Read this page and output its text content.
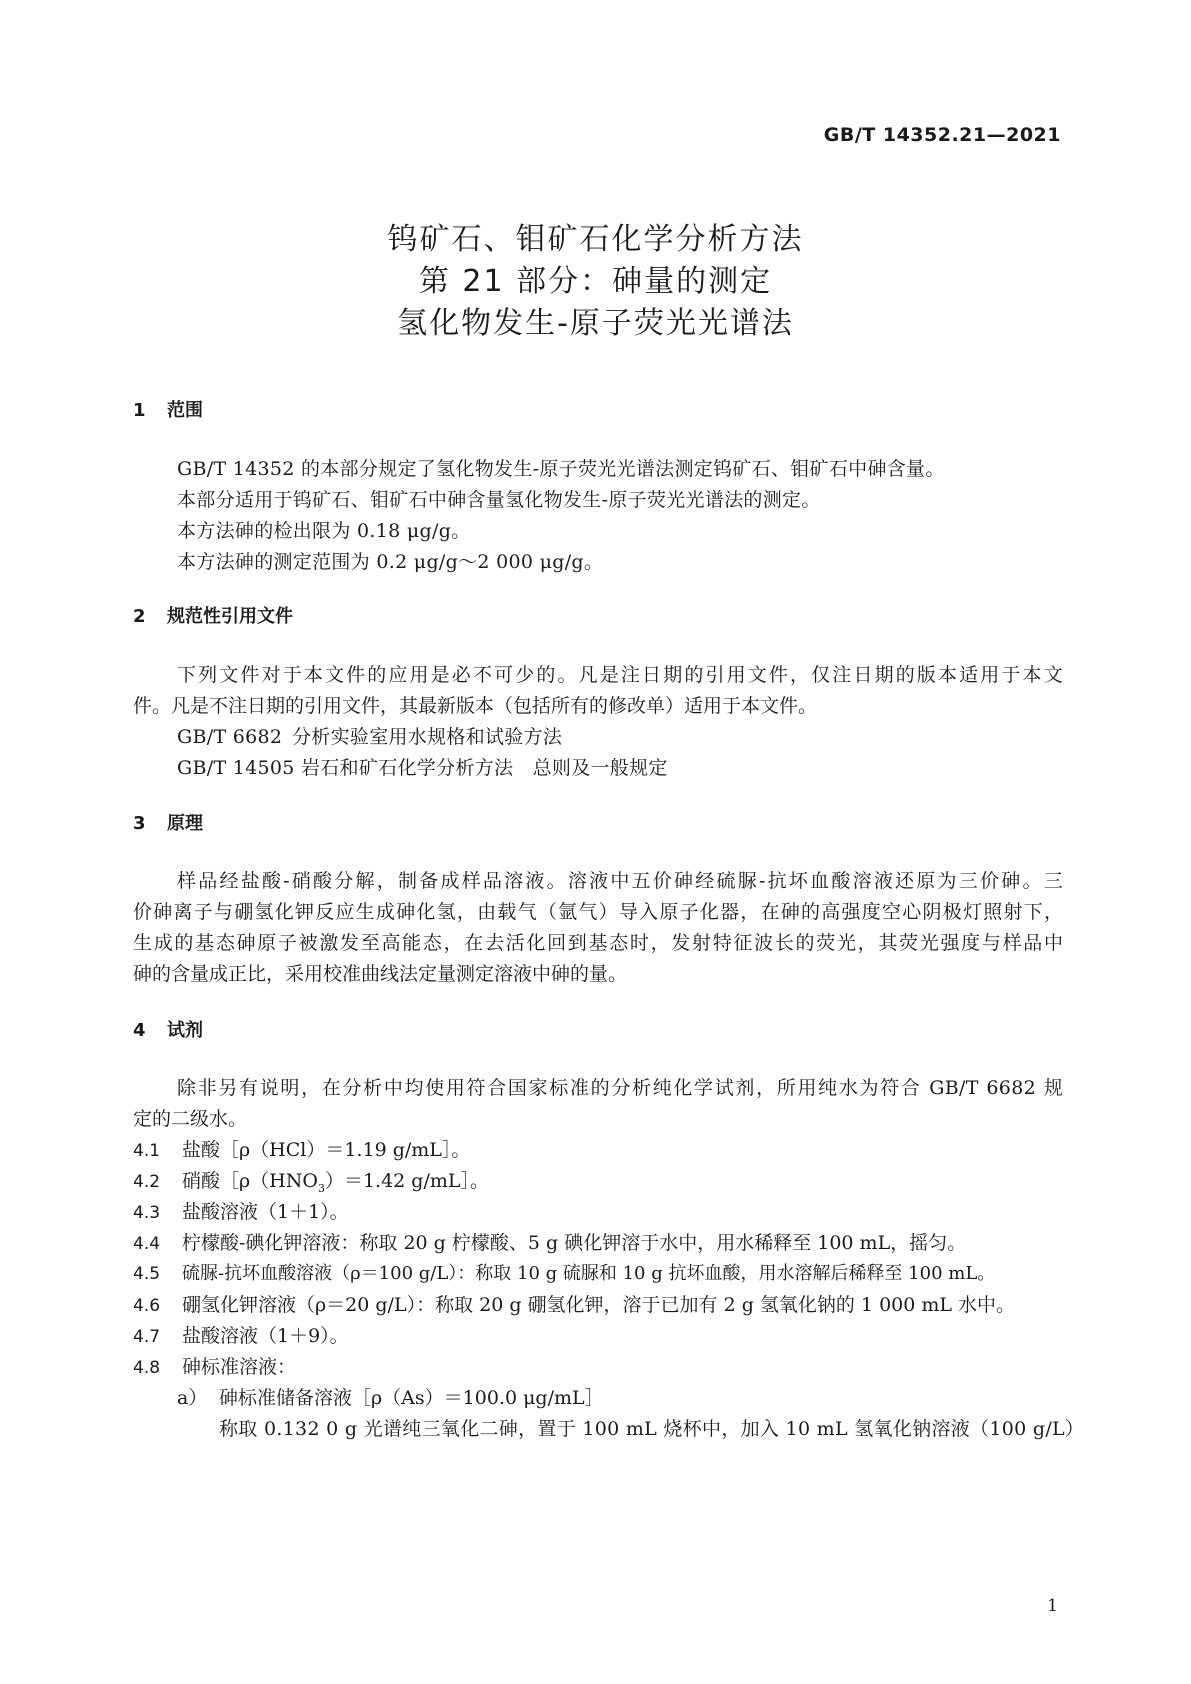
GB/T 14352.21—2021
钨矿石、钼矿石化学分析方法
第 21 部分：砷量的测定
氢化物发生-原子荧光光谱法
1 范围
GB/T 14352 的本部分规定了氢化物发生-原子荧光光谱法测定钨矿石、钼矿石中砷含量。
本部分适用于钨矿石、钼矿石中砷含量氢化物发生-原子荧光光谱法的测定。
本方法砷的检出限为 0.18 μg/g。
本方法砷的测定范围为 0.2 μg/g～2 000 μg/g。
2 规范性引用文件
下列文件对于本文件的应用是必不可少的。凡是注日期的引用文件，仅注日期的版本适用于本文
件。凡是不注日期的引用文件，其最新版本（包括所有的修改单）适用于本文件。
GB/T 6682 分析实验室用水规格和试验方法
GB/T 14505 岩石和矿石化学分析方法　总则及一般规定
3 原理
样品经盐酸-硝酸分解，制备成样品溶液。溶液中五价砷经硫脲-抗坏血酸溶液还原为三价砷。三
价砷离子与硼氢化钾反应生成砷化氢，由载气（氩气）导入原子化器，在砷的高强度空心阴极灯照射下，
生成的基态砷原子被激发至高能态，在去活化回到基态时，发射特征波长的荧光，其荧光强度与样品中
砷的含量成正比，采用校准曲线法定量测定溶液中砷的量。
4 试剂
除非另有说明，在分析中均使用符合国家标准的分析纯化学试剂，所用纯水为符合 GB/T 6682 规
定的二级水。
4.1 盐酸［ρ（HCl）＝1.19 g/mL］。
4.2 硝酸$[\rho(HNO_3)=1.42$ g/mL］。
4.3 盐酸溶液（1＋1）。
4.4 柠檬酸-碘化钾溶液：称取 20 g 柠檬酸、5 g 碘化钾溶于水中，用水稀释至 100 mL，摇匀。
4.5 硫脲-抗坏血酸溶液（ρ＝100 g/L）：称取 10 g 硫脲和 10 g 抗坏血酸，用水溶解后稀释至 100 mL。
4.6 硼氢化钾溶液（ρ＝20 g/L）：称取 20 g 硼氢化钾，溶于已加有 2 g 氢氧化钠的 1 000 mL 水中。
4.7 盐酸溶液（1＋9）。
4.8 砷标准溶液：
a） 砷标准储备溶液［ρ（As）＝100.0 μg/mL］
称取 0.132 0 g 光谱纯三氧化二砷，置于 100 mL 烧杯中，加入 10 mL 氢氧化钠溶液（100 g/L）
1
